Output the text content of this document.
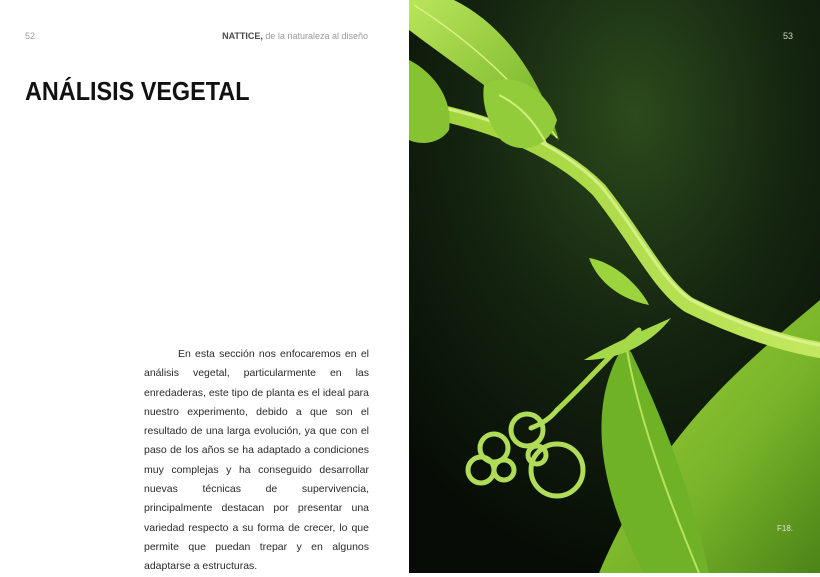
52	NATTICE, de la naturaleza al diseño
ANÁLISIS VEGETAL

En esta sección nos enfocaremos en el análisis vegetal, particularmente en las enredaderas, este tipo de planta es el ideal para nuestro experimento, debido a que son el resultado de una larga evolución, ya que con el paso de los años se ha adaptado a condiciones muy complejas y ha conseguido desarrollar nuevas técnicas de supervivencia, principalmente destacan por presentar una variedad respecto a su forma de crecer, lo que permite que puedan trepar y en algunos adaptarse a estructuras.

53
F18.
